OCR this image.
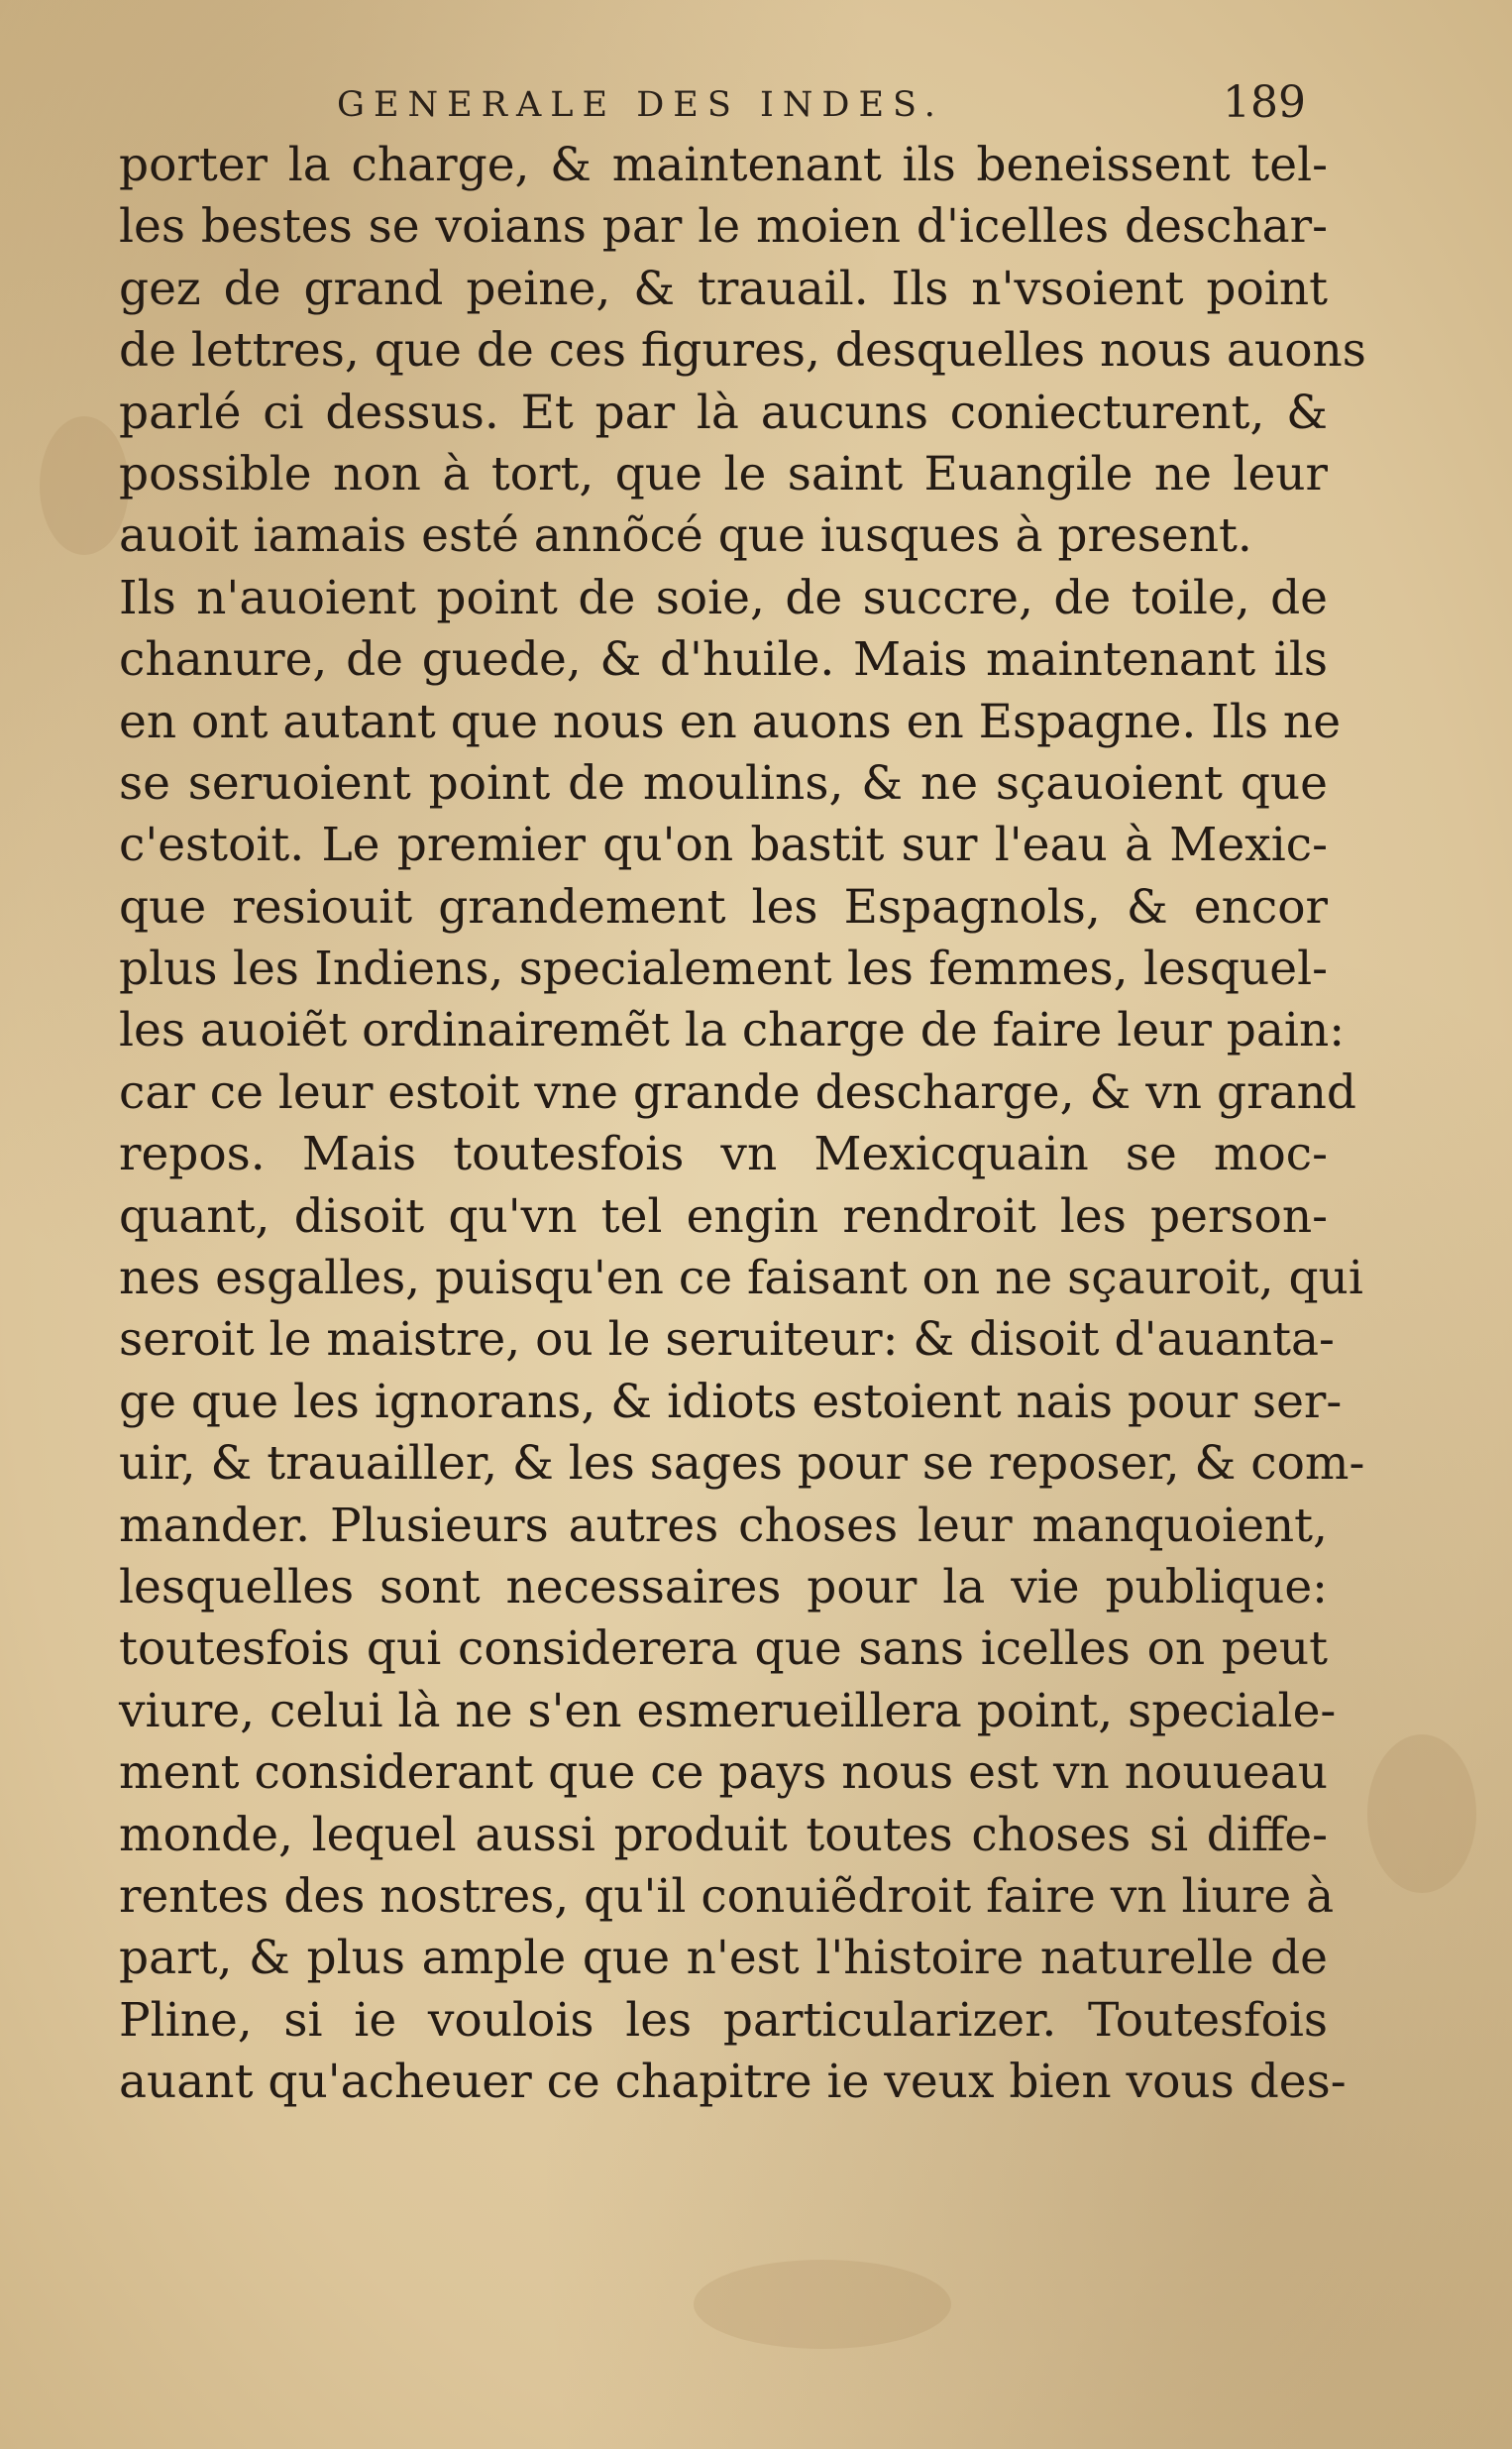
GENERALE DES INDES.	189
porter la charge, & maintenant ils beneissent tel-
les bestes se voians par le moien d'icelles deschar-
gez de grand peine, & trauail. Ils n'vsoient point
de lettres, que de ces figures, desquelles nous auons
parlé ci dessus. Et par là aucuns coniecturent, &
possible non à tort, que le saint Euangile ne leur
auoit iamais esté annõcé que iusques à present.
Ils n'auoient point de soie, de succre, de toile, de
chanure, de guede, & d'huile. Mais maintenant ils
en ont autant que nous en auons en Espagne. Ils ne
se seruoient point de moulins, & ne sçauoient que
c'estoit. Le premier qu'on bastit sur l'eau à Mexic-
que resiouit grandement les Espagnols, & encor
plus les Indiens, specialement les femmes, lesquel-
les auoiẽt ordinairemẽt la charge de faire leur pain:
car ce leur estoit vne grande descharge, & vn grand
repos. Mais toutesfois vn Mexicquain se moc-
quant, disoit qu'vn tel engin rendroit les person-
nes esgalles, puisqu'en ce faisant on ne sçauroit, qui
seroit le maistre, ou le seruiteur: & disoit d'auanta-
ge que les ignorans, & idiots estoient nais pour ser-
uir, & trauailler, & les sages pour se reposer, & com-
mander. Plusieurs autres choses leur manquoient,
lesquelles sont necessaires pour la vie publique:
toutesfois qui considerera que sans icelles on peut
viure, celui là ne s'en esmerueillera point, speciale-
ment considerant que ce pays nous est vn nouueau
monde, lequel aussi produit toutes choses si diffe-
rentes des nostres, qu'il conuiẽdroit faire vn liure à
part, & plus ample que n'est l'histoire naturelle de
Pline, si ie voulois les particularizer. Toutesfois
auant qu'acheuer ce chapitre ie veux bien vous des-
